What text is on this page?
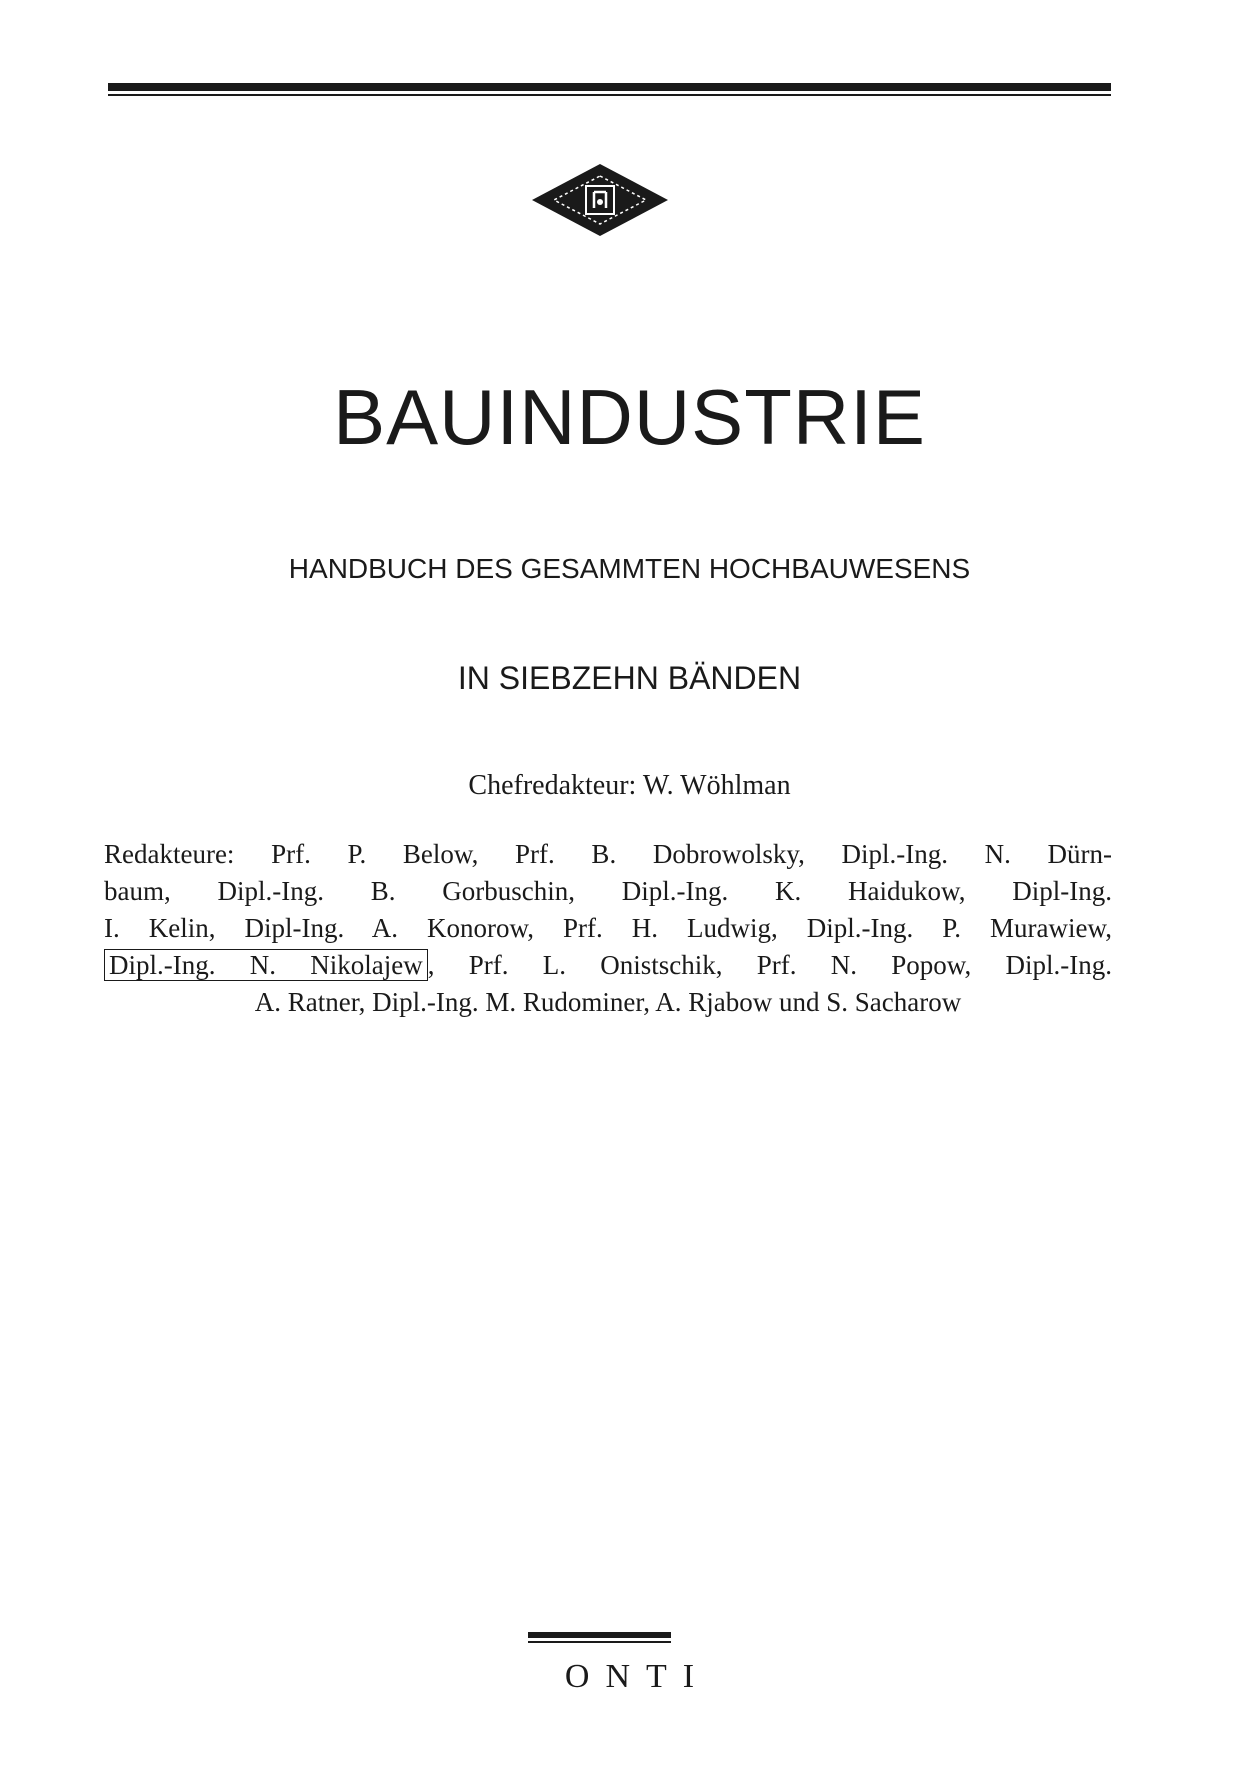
BAUINDUSTRIE
HANDBUCH DES GESAMMTEN HOCHBAUWESENS
IN SIEBZEHN BÄNDEN
Chefredakteur: W. Wöhlman
Redakteure: Prf. P. Below, Prf. B. Dobrowolsky, Dipl.-Ing. N. Dürn-
baum, Dipl.-Ing. B. Gorbuschin, Dipl.-Ing. K. Haidukow, Dipl-Ing.
I. Kelin, Dipl-Ing. A. Konorow, Prf. H. Ludwig, Dipl.-Ing. P. Murawiew,
Dipl.-Ing. N. Nikolajew , Prf. L. Onistschik, Prf. N. Popow, Dipl.-Ing.
A. Ratner, Dipl.-Ing. M. Rudominer, A. Rjabow und S. Sacharow
ONTI
